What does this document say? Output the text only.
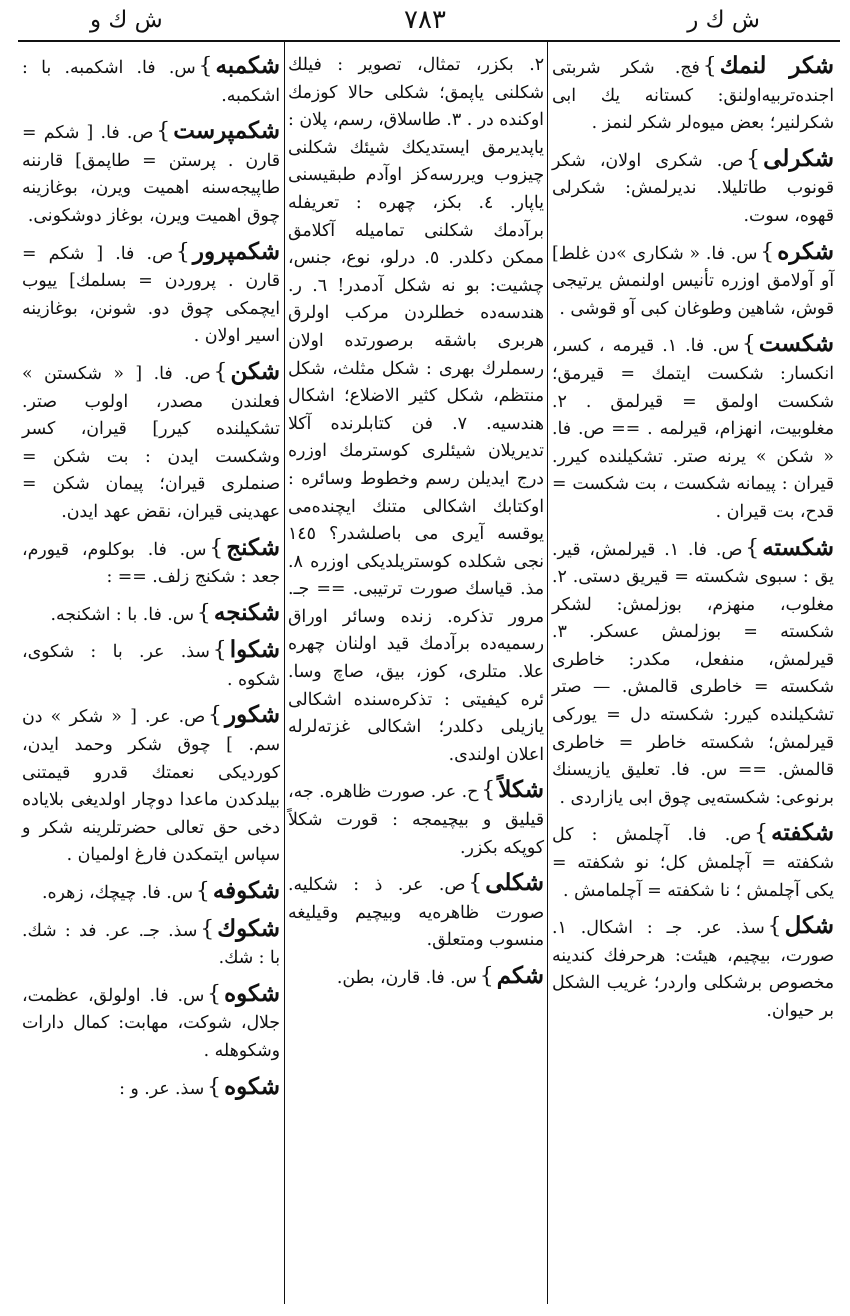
ش ك و	٧٨٣	ش ك ر
شكر لنمك}فج. شکر شربتی اجنده‌تربیه‌اولنق: کستانه یك ابی شکرلنیر؛ بعض میوه‌لر شکر لنمز .
شكرلی}ص. شکری اولان، شکر قونوب طاتلیلا. ندیرلمش: شکرلی قهوه، سوت.
شكره}س. فا. « شکاری »دن غلط] آو آولامق اوزره تأنیس اولنمش یرتیجی قوش، شاهین وطوغان کبی آو قوشی .
شكست}س. فا. ۱. قیرمه ، کسر، انکسار: شکست ایتمك = قیرمق؛ شکست اولمق = قیرلمق . ۲. مغلوبیت، انهزام، قیرلمه . == ص. فا. « شکن » یرنه صتر. تشکیلنده کیرر. قیران : پیمانه شکست ، بت شکست = قدح، بت قیران .
شكسته}ص. فا. ۱. قیرلمش، قیر. یق : سبوی شکسته = قیریق دستی. ۲. مغلوب، منهزم، بوزلمش: لشکر شکسته = بوزلمش عسکر. ۳. قیرلمش، منفعل، مکدر: خاطری شکسته = خاطری قالمش. — صتر تشکیلنده کیرر: شکسته دل = یورکی قیرلمش؛ شکسته خاطر = خاطری قالمش. == س. فا. تعلیق یازیسنك برنوعی: شکسته‌یی چوق ابی یازاردی .
شكفته}ص. فا. آچلمش : کل شکفته = آچلمش کل؛ نو شکفته = یکی آچلمش ؛ نا شکفته = آچلمامش .
شكل}سذ. عر. جـ : اشکال. ۱. صورت، بیچیم، هیئت: هرحرفك کندینه مخصوص برشکلی واردر؛ غریب الشکل بر حیوان.
۲. بکزر، تمثال، تصویر : فیلك شکلنی یاپمق؛ شکلی حالا کوزمك اوکنده در . ۳. طاسلاق، رسم، پلان : یاپدیرمق ایستدیکك شیئك شکلنی چیزوب ویررسه‌کز اوآدم طبقیسنی یاپار. ٤. بکز، چهره : تعریفله برآدمك شکلنی تماميله آکلامق ممکن دکلدر. ٥. درلو، نوع، جنس، چشیت: بو نه شکل آدمدر! ٦. ر. هندسه‌ده خطلردن مرکب اولرق هربری باشقه برصورتده اولان رسملرك بهری : شکل مثلث، شکل منتظم، شکل کثیر الاضلاع؛ اشکال هندسیه. ۷. فن کتابلرنده آکلا تدیریلان شیئلری کوسترمك اوزره درج ایدیلن رسم وخطوط وسائره : اوکتابك اشکالی متنك ایچنده‌می یوقسه آیری می باصلشدر؟ ۱٤٥ نجی شکلده کوستریلدیکی اوزره ۸. مذ. قیاسك صورت ترتیبی. == جـ. مرور تذکره. زنده وسائر اوراق رسمیه‌ده برآدمك قید اولنان چهره علا. متلری، کوز، بیق، صاچ وسا. ئره کیفیتی : تذکره‌سنده اشکالی یازیلی دکلدر؛ اشکالی غزته‌لرله اعلان اولندی.
شكلاً}ح. عر. صورت ظاهره. جه، قیلیق و بیچیمجه : قورت شکلاً کوپکه بکزر.
شكلی}ص. عر. ذ : شکلیه. صورت ظاهره‌یه وبیچیم وقیلیغه منسوب ومتعلق.
شكم}س. فا. قارن، بطن.
شكمبه}س. فا. اشکمبه. با : اشکمبه.
شكمپرست}ص. فا. [ شکم = قارن . پرستن = طاپمق] قارننه طاپیجه‌سنه اهمیت ویرن، بوغازینه چوق اهمیت ویرن، بوغاز دوشکونی.
شكمپرور}ص. فا. [ شکم = قارن . پروردن = بسلمك] ییوب ایچمکی چوق دو. شونن، بوغازینه اسیر اولان .
شكن}ص. فا. [ « شکستن » فعلندن مصدر، اولوب صتر. تشکیلنده کیرر] قیران، کسر وشکست ایدن : بت شکن = صنملری قیران؛ پیمان شکن = عهدینی قیران، نقض عهد ایدن.
شكنج}س. فا. بوکلوم، قیورم، جعد : شکنج زلف. == :
شكنجه}س. فا. با : اشکنجه.
شكوا}سذ. عر. با : شکوی، شکوه .
شكور}ص. عر. [ « شکر » دن سم. ] چوق شکر وحمد ایدن، کوردیکی نعمتك قدرو قیمتنی بیلدکدن ماعدا دوچار اولدیغی بلایاده دخی حق تعالی حضرتلرینه شکر و سپاس ایتمکدن فارغ اولمیان .
شكوفه}س. فا. چیچك، زهره.
شكوك}سذ. جـ. عر. فد : شك. با : شك.
شكوه}س. فا. اولولق، عظمت، جلال، شوکت، مهابت: کمال دارات وشکوهله .
شكوه}سذ. عر. و :
